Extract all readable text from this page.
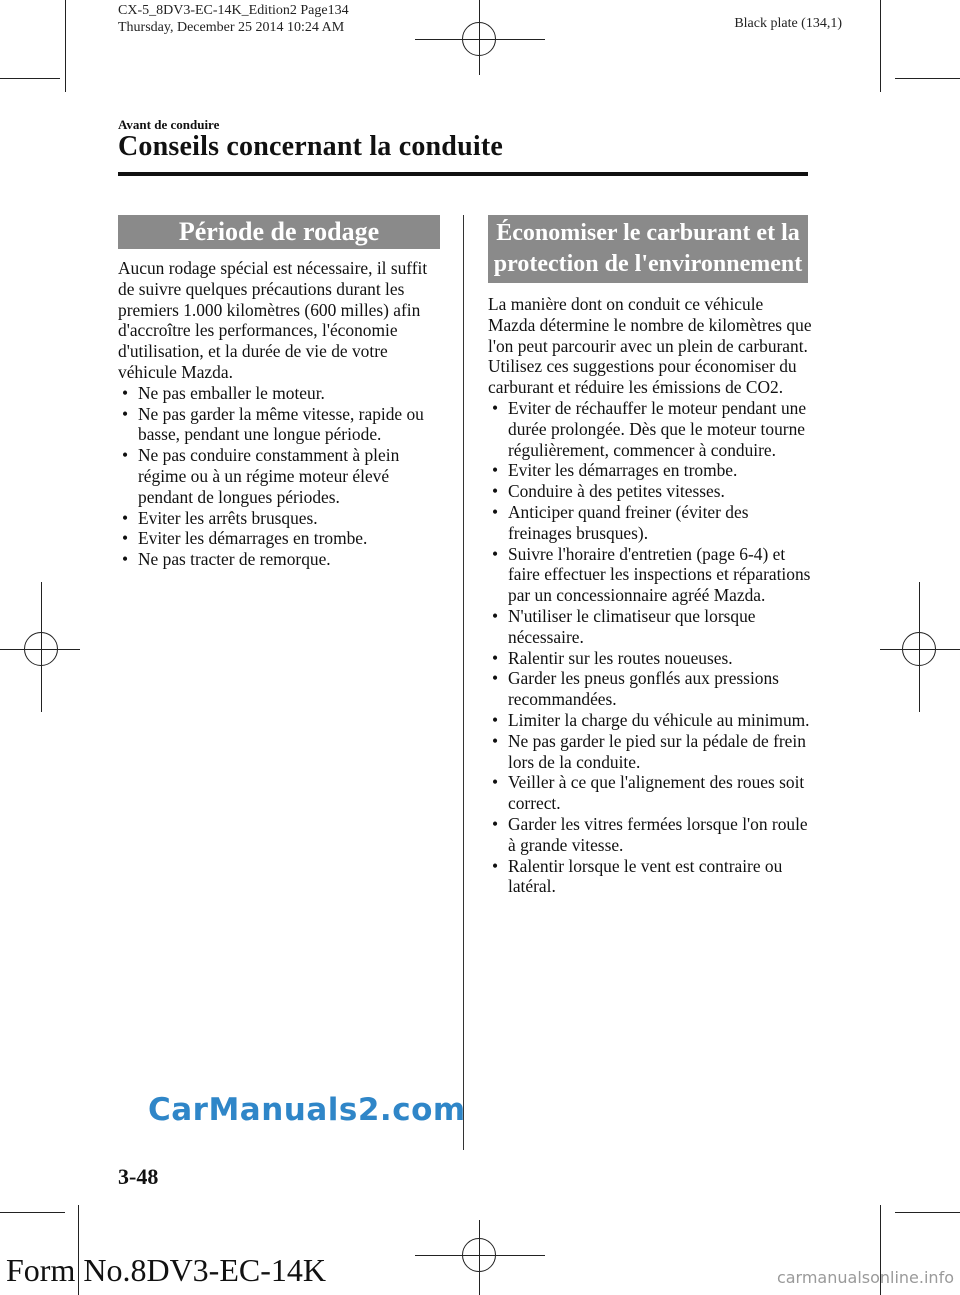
CX-5_8DV3-EC-14K_Edition2 Page134
Thursday, December 25 2014 10:24 AM	Black plate (134,1)
Avant de conduire
Conseils concernant la conduite
Période de rodage
Aucun rodage spécial est nécessaire, il suffit de suivre quelques précautions durant les premiers 1.000 kilomètres (600 milles) afin d'accroître les performances, l'économie d'utilisation, et la durée de vie de votre véhicule Mazda.
• Ne pas emballer le moteur.
• Ne pas garder la même vitesse, rapide ou basse, pendant une longue période.
• Ne pas conduire constamment à plein régime ou à un régime moteur élevé pendant de longues périodes.
• Eviter les arrêts brusques.
• Eviter les démarrages en trombe.
• Ne pas tracter de remorque.
Économiser le carburant et la
protection de l'environnement
La manière dont on conduit ce véhicule Mazda détermine le nombre de kilomètres que l'on peut parcourir avec un plein de carburant. Utilisez ces suggestions pour économiser du carburant et réduire les émissions de CO2.
• Eviter de réchauffer le moteur pendant une durée prolongée. Dès que le moteur tourne régulièrement, commencer à conduire.
• Eviter les démarrages en trombe.
• Conduire à des petites vitesses.
• Anticiper quand freiner (éviter des freinages brusques).
• Suivre l'horaire d'entretien (page 6-4) et faire effectuer les inspections et réparations par un concessionnaire agréé Mazda.
• N'utiliser le climatiseur que lorsque nécessaire.
• Ralentir sur les routes noueuses.
• Garder les pneus gonflés aux pressions recommandées.
• Limiter la charge du véhicule au minimum.
• Ne pas garder le pied sur la pédale de frein lors de la conduite.
• Veiller à ce que l'alignement des roues soit correct.
• Garder les vitres fermées lorsque l'on roule à grande vitesse.
• Ralentir lorsque le vent est contraire ou latéral.
CarManuals2.com
3-48
Form No.8DV3-EC-14K	carmanualsonline.info
